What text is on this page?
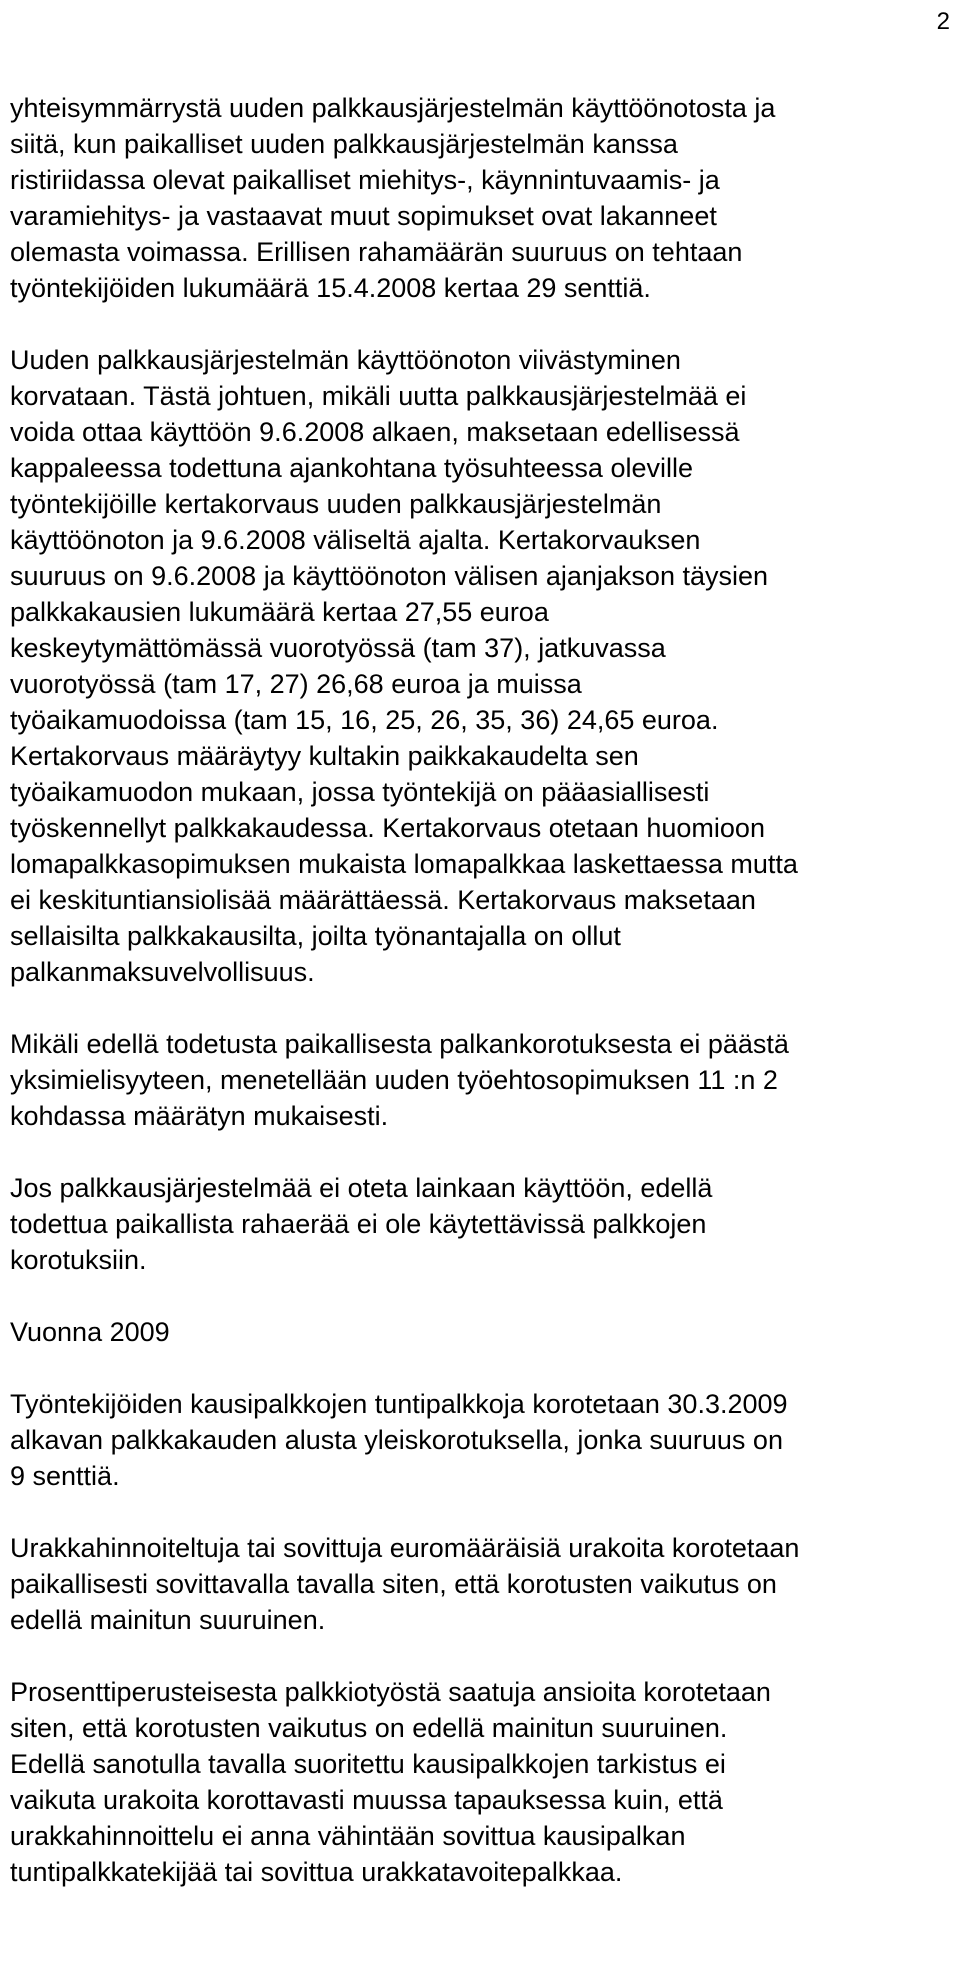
2

yhteisymmärrystä uuden palkkausjärjestelmän käyttöönotosta ja
siitä, kun paikalliset uuden palkkausjärjestelmän kanssa
ristiriidassa olevat paikalliset miehitys-, käynnintuvaamis- ja
varamiehitys- ja vastaavat muut sopimukset ovat lakanneet
olemasta voimassa. Erillisen rahamäärän suuruus on tehtaan
työntekijöiden lukumäärä 15.4.2008 kertaa 29 senttiä.

Uuden palkkausjärjestelmän käyttöönoton viivästyminen
korvataan. Tästä johtuen, mikäli uutta palkkausjärjestelmää ei
voida ottaa käyttöön 9.6.2008 alkaen, maksetaan edellisessä
kappaleessa todettuna ajankohtana työsuhteessa oleville
työntekijöille kertakorvaus uuden palkkausjärjestelmän
käyttöönoton ja 9.6.2008 väliseltä ajalta. Kertakorvauksen
suuruus on 9.6.2008 ja käyttöönoton välisen ajanjakson täysien
palkkakausien lukumäärä kertaa 27,55 euroa
keskeytymättömässä vuorotyössä (tam 37), jatkuvassa
vuorotyössä (tam 17, 27) 26,68 euroa ja muissa
työaikamuodoissa (tam 15, 16, 25, 26, 35, 36) 24,65 euroa.
Kertakorvaus määräytyy kultakin paikkakaudelta sen
työaikamuodon mukaan, jossa työntekijä on pääasiallisesti
työskennellyt palkkakaudessa. Kertakorvaus otetaan huomioon
lomapalkkasopimuksen mukaista lomapalkkaa laskettaessa mutta
ei keskituntiansiolisää määrättäessä. Kertakorvaus maksetaan
sellaisilta palkkakausilta, joilta työnantajalla on ollut
palkanmaksuvelvollisuus.

Mikäli edellä todetusta paikallisesta palkankorotuksesta ei päästä
yksimielisyyteen, menetellään uuden työehtosopimuksen 11 :n 2
kohdassa määrätyn mukaisesti.

Jos palkkausjärjestelmää ei oteta lainkaan käyttöön, edellä
todettua paikallista rahaerää ei ole käytettävissä palkkojen
korotuksiin.

Vuonna 2009

Työntekijöiden kausipalkkojen tuntipalkkoja korotetaan 30.3.2009
alkavan palkkakauden alusta yleiskorotuksella, jonka suuruus on
9 senttiä.

Urakkahinnoiteltuja tai sovittuja euromääräisiä urakoita korotetaan
paikallisesti sovittavalla tavalla siten, että korotusten vaikutus on
edellä mainitun suuruinen.

Prosenttiperusteisesta palkkiotyöstä saatuja ansioita korotetaan
siten, että korotusten vaikutus on edellä mainitun suuruinen.
Edellä sanotulla tavalla suoritettu kausipalkkojen tarkistus ei
vaikuta urakoita korottavasti muussa tapauksessa kuin, että
urakkahinnoittelu ei anna vähintään sovittua kausipalkan
tuntipalkkatekijää tai sovittua urakkatavoitepalkkaa.
